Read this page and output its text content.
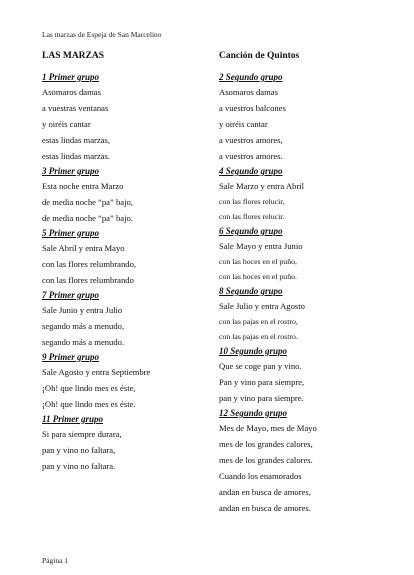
Las marzas de Espeja de San Marcelino
LAS MARZAS
1 Primer grupo
Asomaros damas
a vuestras ventanas
y oiréis cantar
estas lindas marzas,
estas lindas marzas.
3 Primer grupo
Esta noche entra Marzo
de media noche “pa” bajo,
de media noche “pa” bajo.
5 Primer grupo
Sale Abril y entra Mayo
con las flores relumbrando,
con las flores relumbrando
7 Primer grupo
Sale Junio y entra Julio
segando más a menudo,
segando más a menudo.
9 Primer grupo
Sale Agosto y entra Septiembre
¡Oh! que lindo mes es éste,
¡Oh! que lindo mes es éste.
11 Primer grupo
Si para siempre durara,
pan y vino no faltara,
pan y vino no faltara.
Canción de Quintos
2 Segundo grupo
Asomaros damas
a vuestros balcones
y oiréis cantar
a vuestros amores,
a vuestros amores.
4 Segundo grupo
Sale Marzo y entra Abril
con las flores relucir,
con las flores relucir.
6 Segundo grupo
Sale Mayo y entra Junio
con las hoces en el puño,
con las hoces en el puño.
8 Segundo grupo
Sale Julio y entra Agosto
con las pajas en el rostro,
con las pajas en el rostro.
10 Segundo grupo
Que se coge pan y vino.
Pan y vino para siempre,
pan y vino para siempre.
12 Segundo grupo
Mes de Mayo, mes de Mayo
mes de los grandes calores,
mes de los grandes calores.
Cuando los enamorados
andan en busca de amores,
andan en busca de amores.
Página 1
